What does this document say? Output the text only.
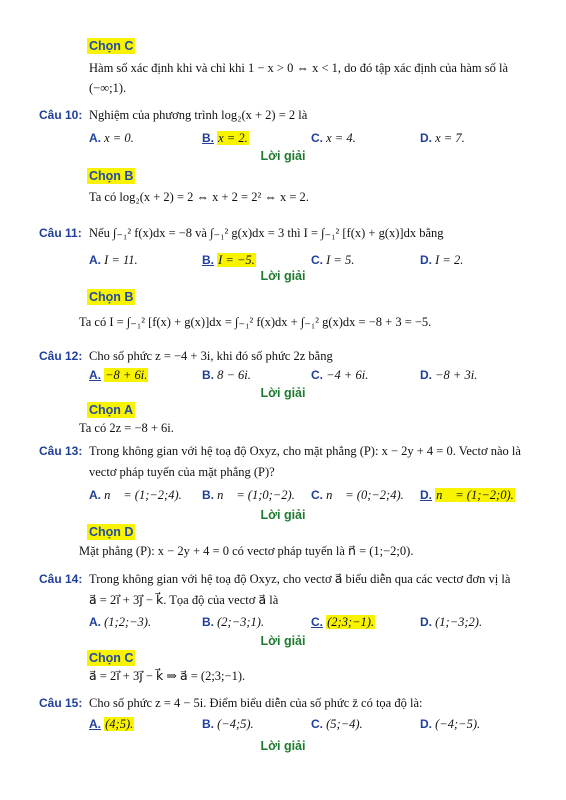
Chọn C
Hàm số xác định khi và chỉ khi 1 − x > 0 ⇔ x < 1, do đó tập xác định của hàm số là
(−∞;1).
Câu 10: Nghiệm của phương trình log₂(x + 2) = 2 là
A. x = 0.	B. x = 2.	C. x = 4.	D. x = 7.
Lời giải
Chọn B
Ta có log₂(x + 2) = 2 ⇔ x + 2 = 2² ⇔ x = 2.
Câu 11: Nếu ∫₋₁² f(x)dx = −8 và ∫₋₁² g(x)dx = 3 thì I = ∫₋₁² [f(x) + g(x)]dx bằng
A. I = 11.	B. I = −5.	C. I = 5.	D. I = 2.
Lời giải
Chọn B
Ta có I = ∫₋₁² [f(x) + g(x)]dx = ∫₋₁² f(x)dx + ∫₋₁² g(x)dx = −8 + 3 = −5.
Câu 12: Cho số phức z = −4 + 3i, khi đó số phức 2z bằng
A. −8 + 6i.	B. 8 − 6i.	C. −4 + 6i.	D. −8 + 3i.
Lời giải
Chọn A
Ta có 2z = −8 + 6i.
Câu 13: Trong không gian với hệ toạ độ Oxyz, cho mặt phẳng (P): x − 2y + 4 = 0. Vectơ nào là
vectơ pháp tuyến của mặt phẳng (P)?
A. n⃗ = (1;−2;4). B. n⃗ = (1;0;−2). C. n⃗ = (0;−2;4). D. n⃗ = (1;−2;0).
Lời giải
Chọn D
Mặt phẳng (P): x − 2y + 4 = 0 có vectơ pháp tuyến là n⃗ = (1;−2;0).
Câu 14: Trong không gian với hệ toạ độ Oxyz, cho vectơ a⃗ biểu diễn qua các vectơ đơn vị là
a⃗ = 2i⃗ + 3j⃗ − k⃗. Tọa độ của vectơ a⃗ là
A. (1;2;−3).	B. (2;−3;1).	C. (2;3;−1).	D. (1;−3;2).
Lời giải
Chọn C
a⃗ = 2i⃗ + 3j⃗ − k⃗ ⇒ a⃗ = (2;3;−1).
Câu 15: Cho số phức z = 4 − 5i. Điểm biểu diễn của số phức z̄ có tọa độ là:
A. (4;5).	B. (−4;5).	C. (5;−4).	D. (−4;−5).
Lời giải
